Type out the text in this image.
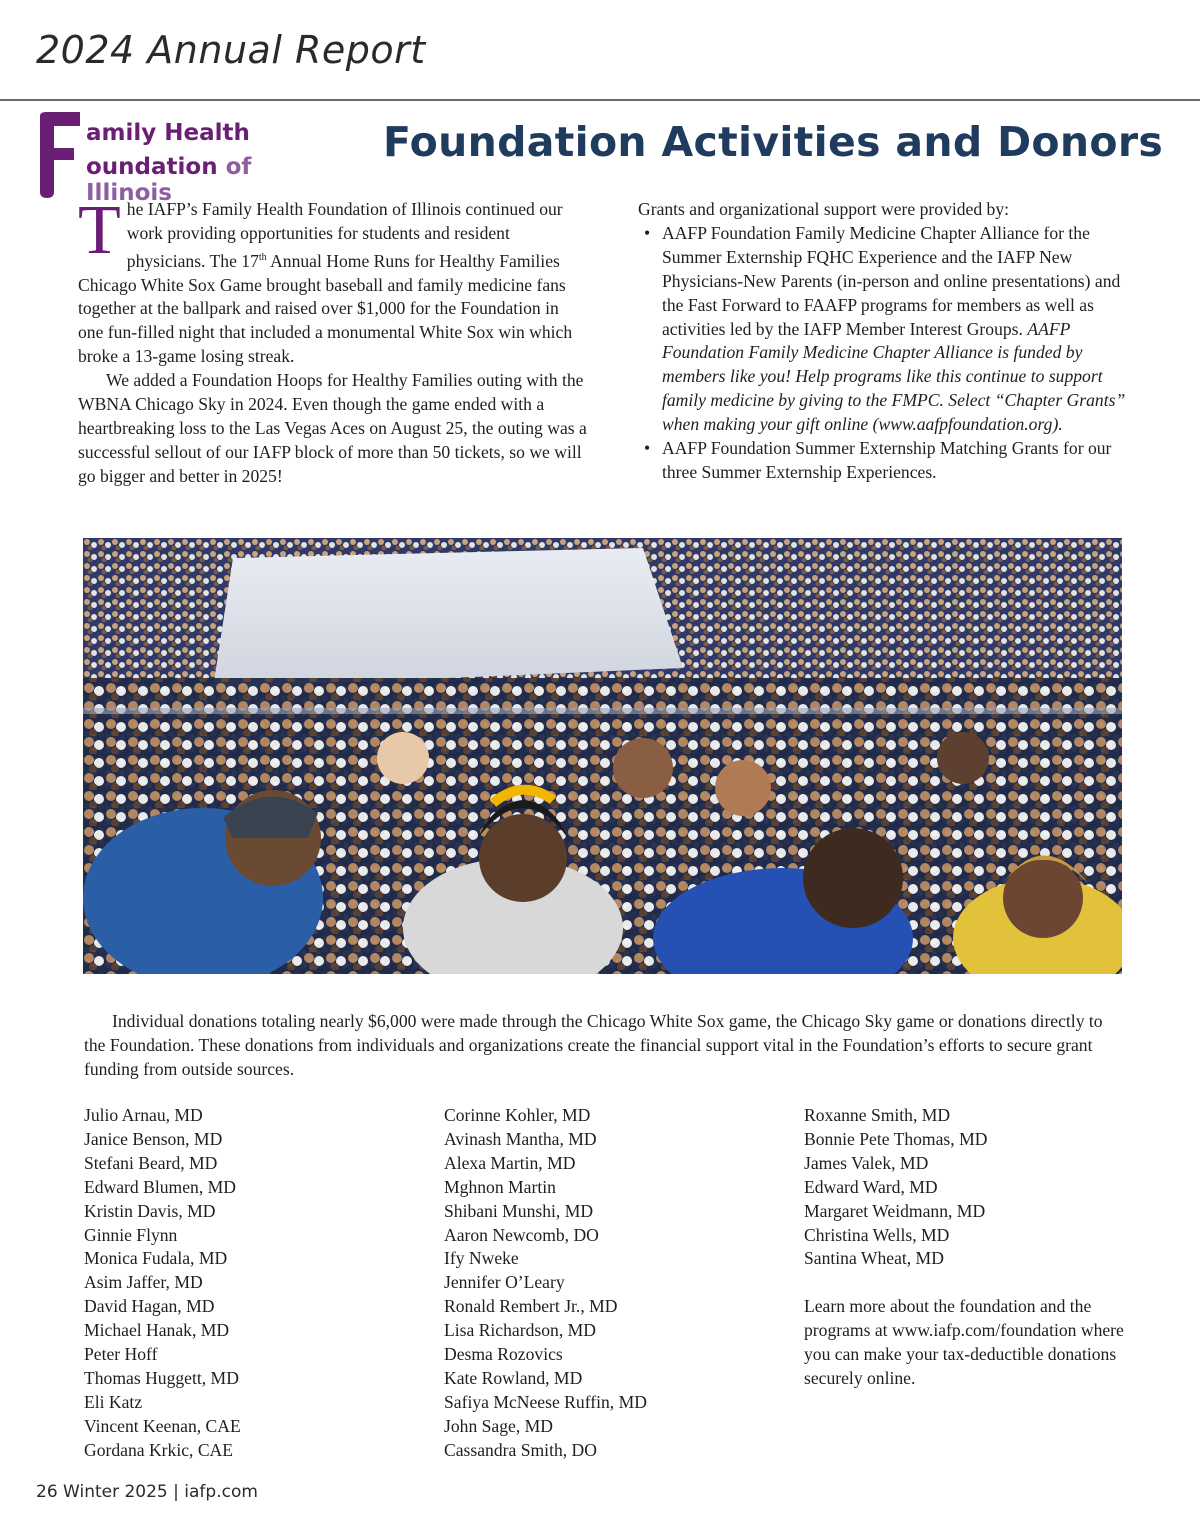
2024 Annual Report
amily Health
oundation of Illinois
Foundation Activities and Donors

The IAFP’s Family Health Foundation of Illinois continued our work providing opportunities for students and resident physicians. The 17th Annual Home Runs for Healthy Families Chicago White Sox Game brought baseball and family medicine fans together at the ballpark and raised over $1,000 for the Foundation in one fun-filled night that included a monumental White Sox win which broke a 13-game losing streak.

We added a Foundation Hoops for Healthy Families outing with the WBNA Chicago Sky in 2024. Even though the game ended with a heartbreaking loss to the Las Vegas Aces on August 25, the outing was a successful sellout of our IAFP block of more than 50 tickets, so we will go bigger and better in 2025!

Grants and organizational support were provided by:

• AAFP Foundation Family Medicine Chapter Alliance for the Summer Externship FQHC Experience and the IAFP New Physicians-New Parents (in-person and online presentations) and the Fast Forward to FAAFP programs for members as well as activities led by the IAFP Member Interest Groups. AAFP Foundation Family Medicine Chapter Alliance is funded by members like you! Help programs like this continue to support family medicine by giving to the FMPC. Select “Chapter Grants” when making your gift online (www.aafpfoundation.org).
• AAFP Foundation Summer Externship Matching Grants for our three Summer Externship Experiences.

Individual donations totaling nearly $6,000 were made through the Chicago White Sox game, the Chicago Sky game or donations directly to the Foundation. These donations from individuals and organizations create the financial support vital in the Foundation’s efforts to secure grant funding from outside sources.

Julio Arnau, MD
Janice Benson, MD
Stefani Beard, MD
Edward Blumen, MD
Kristin Davis, MD
Ginnie Flynn
Monica Fudala, MD
Asim Jaffer, MD
David Hagan, MD
Michael Hanak, MD
Peter Hoff
Thomas Huggett, MD
Eli Katz
Vincent Keenan, CAE
Gordana Krkic, CAE
Corinne Kohler, MD
Avinash Mantha, MD
Alexa Martin, MD
Mghnon Martin
Shibani Munshi, MD
Aaron Newcomb, DO
Ify Nweke
Jennifer O’Leary
Ronald Rembert Jr., MD
Lisa Richardson, MD
Desma Rozovics
Kate Rowland, MD
Safiya McNeese Ruffin, MD
John Sage, MD
Cassandra Smith, DO
Roxanne Smith, MD
Bonnie Pete Thomas, MD
James Valek, MD
Edward Ward, MD
Margaret Weidmann, MD
Christina Wells, MD
Santina Wheat, MD
Learn more about the foundation and the programs at www.iafp.com/foundation where you can make your tax-deductible donations securely online.
26 Winter 2025 | iafp.com
